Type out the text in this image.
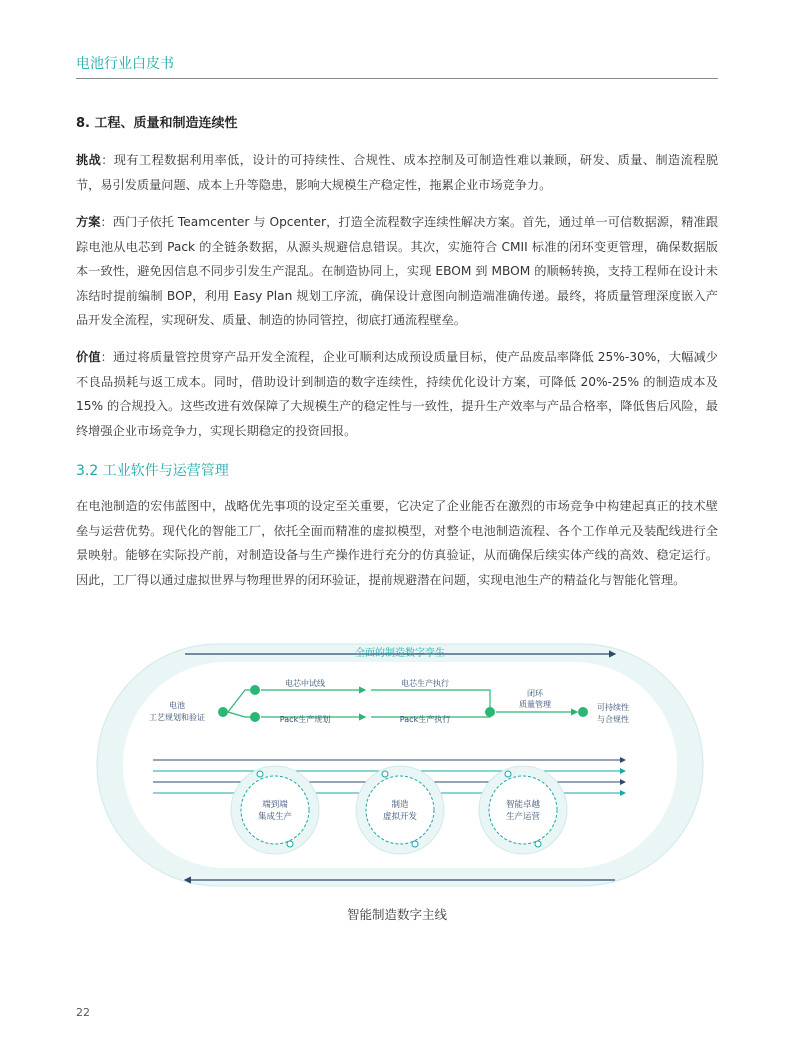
电池行业白皮书
8. 工程、质量和制造连续性
挑战：现有工程数据利用率低，设计的可持续性、合规性、成本控制及可制造性难以兼顾，研发、质量、制造流程脱节，易引发质量问题、成本上升等隐患，影响大规模生产稳定性，拖累企业市场竞争力。
方案：西门子依托 Teamcenter 与 Opcenter，打造全流程数字连续性解决方案。首先，通过单一可信数据源，精准跟踪电池从电芯到 Pack 的全链条数据，从源头规避信息错误。其次，实施符合 CMII 标准的闭环变更管理，确保数据版本一致性，避免因信息不同步引发生产混乱。在制造协同上，实现 EBOM 到 MBOM 的顺畅转换，支持工程师在设计未冻结时提前编制 BOP，利用 Easy Plan 规划工序流，确保设计意图向制造端准确传递。最终，将质量管理深度嵌入产品开发全流程，实现研发、质量、制造的协同管控，彻底打通流程壁垒。
价值：通过将质量管控贯穿产品开发全流程，企业可顺利达成预设质量目标，使产品废品率降低 25%-30%，大幅减少不良品损耗与返工成本。同时，借助设计到制造的数字连续性，持续优化设计方案，可降低 20%-25% 的制造成本及 15% 的合规投入。这些改进有效保障了大规模生产的稳定性与一致性，提升生产效率与产品合格率，降低售后风险，最终增强企业市场竞争力，实现长期稳定的投资回报。
3.2 工业软件与运营管理
在电池制造的宏伟蓝图中，战略优先事项的设定至关重要，它决定了企业能否在激烈的市场竞争中构建起真正的技术壁垒与运营优势。现代化的智能工厂，依托全面而精准的虚拟模型，对整个电池制造流程、各个工作单元及装配线进行全景映射。能够在实际投产前，对制造设备与生产操作进行充分的仿真验证，从而确保后续实体产线的高效、稳定运行。因此，工厂得以通过虚拟世界与物理世界的闭环验证，提前规避潜在问题，实现电池生产的精益化与智能化管理。
全面的制造数字孪生
电池
工艺规划和验证
电芯中试线	电芯生产执行
Pack生产规划	Pack生产执行
闭环
质量管理	可持续性
与合规性
端到端
集成生产
制造
虚拟开发
智能卓越
生产运营
智能制造数字主线
22
